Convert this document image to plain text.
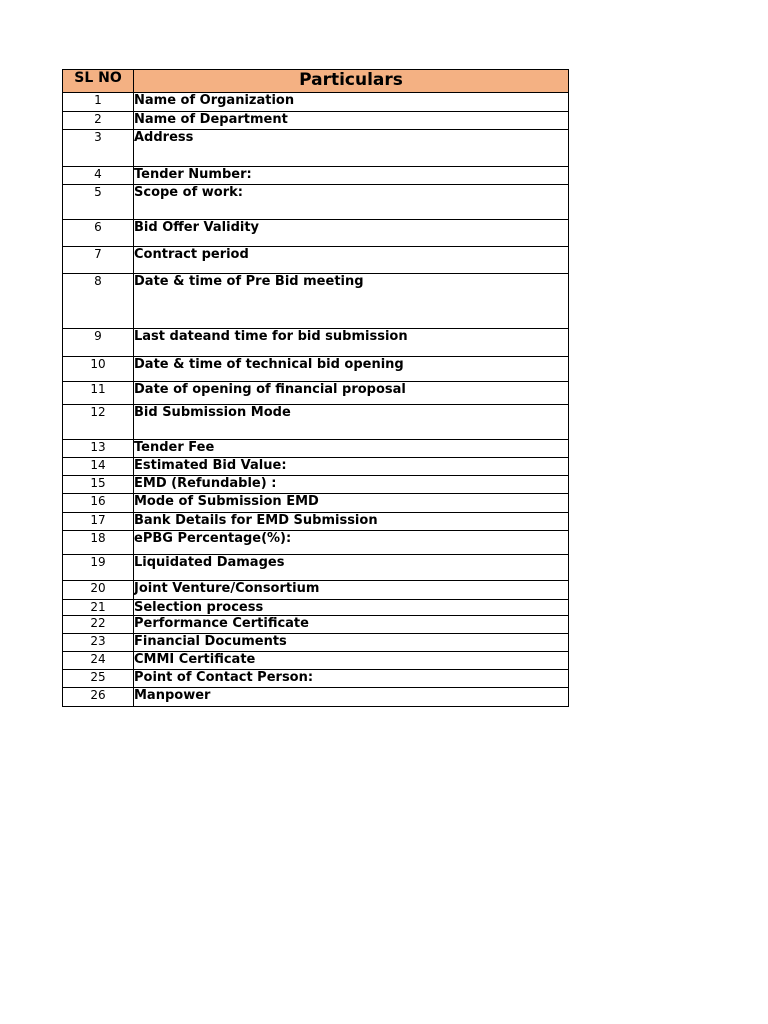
SL NO	Particulars
1	Name of Organization
2	Name of Department
3	Address
4	Tender Number:
5	Scope of work:
6	Bid Offer Validity
7	Contract period
8	Date & time of Pre Bid meeting
9	Last dateand time for bid submission
10	Date & time of technical bid opening
11	Date of opening of financial proposal
12	Bid Submission Mode
13	Tender Fee
14	Estimated Bid Value:
15	EMD (Refundable) :
16	Mode of Submission EMD
17	Bank Details for EMD Submission
18	ePBG Percentage(%):
19	Liquidated Damages
20	Joint Venture/Consortium
21	Selection process
22	Performance Certificate
23	Financial Documents
24	CMMI Certificate
25	Point of Contact Person:
26	Manpower
